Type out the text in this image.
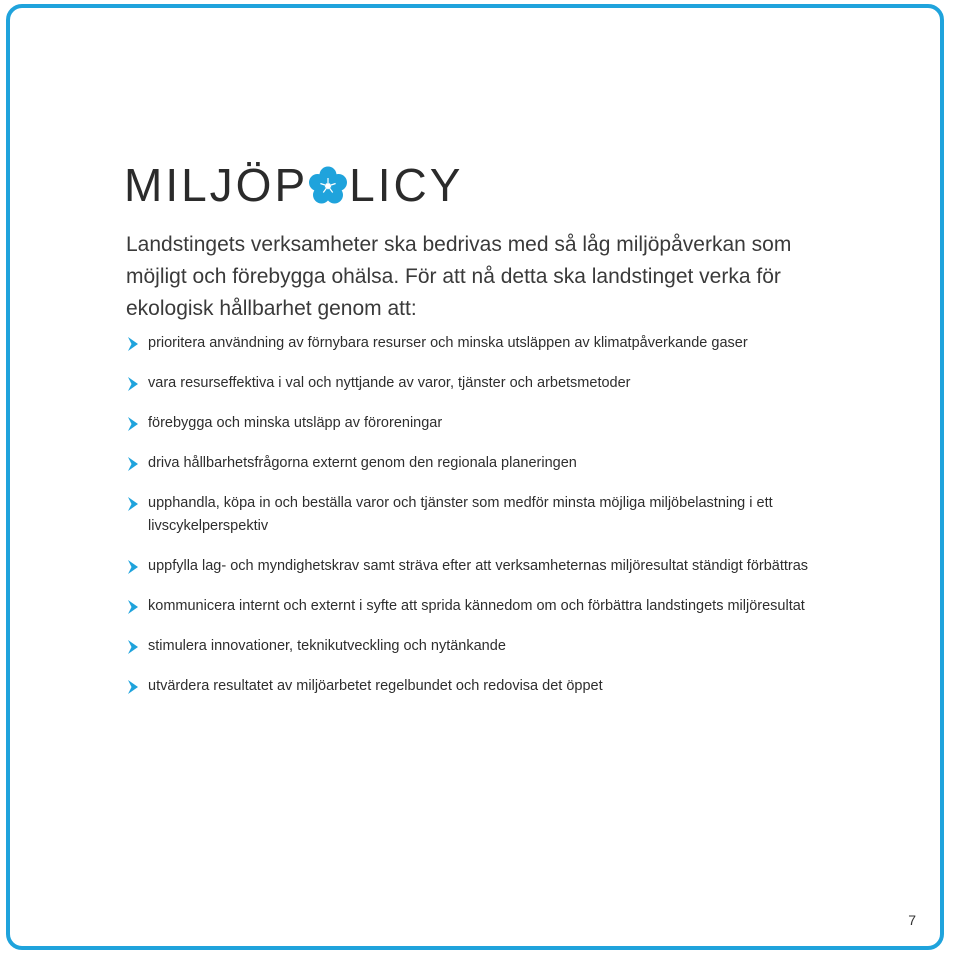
MILJÖP LICY

Landstingets verksamheter ska bedrivas med så låg miljöpåverkan som möjligt och förebygga ohälsa. För att nå detta ska landstinget verka för ekologisk hållbarhet genom att:

prioritera användning av förnybara resurser och minska utsläppen av klimatpåverkande gaser
vara resurseffektiva i val och nyttjande av varor, tjänster och arbetsmetoder
förebygga och minska utsläpp av föroreningar
driva hållbarhetsfrågorna externt genom den regionala planeringen
upphandla, köpa in och beställa varor och tjänster som medför minsta möjliga miljöbelastning i ett livscykelperspektiv
uppfylla lag- och myndighetskrav samt sträva efter att verksamheternas miljöresultat ständigt förbättras
kommunicera internt och externt i syfte att sprida kännedom om och förbättra landstingets miljöresultat
stimulera innovationer, teknikutveckling och nytänkande
utvärdera resultatet av miljöarbetet regelbundet och redovisa det öppet
7
